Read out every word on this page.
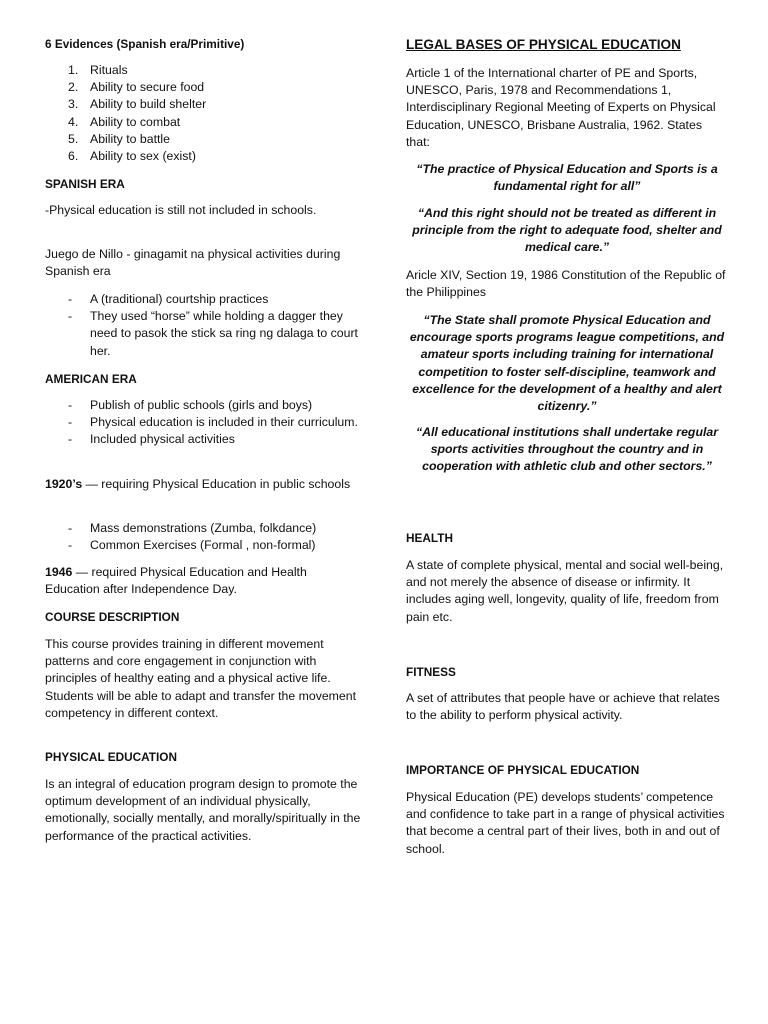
6 Evidences (Spanish era/Primitive)
1. Rituals
2. Ability to secure food
3. Ability to build shelter
4. Ability to combat
5. Ability to battle
6. Ability to sex (exist)
SPANISH ERA
-Physical education is still not included in schools.
Juego de Nillo - ginagamit na physical activities during Spanish era
- A (traditional) courtship practices
- They used “horse” while holding a dagger they need to pasok the stick sa ring ng dalaga to court her.
AMERICAN ERA
- Publish of public schools (girls and boys)
- Physical education is included in their curriculum.
- Included physical activities
1920’s — requiring Physical Education in public schools
- Mass demonstrations (Zumba, folkdance)
- Common Exercises (Formal , non-formal)
1946 — required Physical Education and Health Education after Independence Day.
COURSE DESCRIPTION
This course provides training in different movement patterns and core engagement in conjunction with principles of healthy eating and a physical active life. Students will be able to adapt and transfer the movement competency in different context.
PHYSICAL EDUCATION
Is an integral of education program design to promote the optimum development of an individual physically, emotionally, socially mentally, and morally/spiritually in the performance of the practical activities.
LEGAL BASES OF PHYSICAL EDUCATION
Article 1 of the International charter of PE and Sports, UNESCO, Paris, 1978 and Recommendations 1, Interdisciplinary Regional Meeting of Experts on Physical Education, UNESCO, Brisbane Australia, 1962. States that:
“The practice of Physical Education and Sports is a fundamental right for all”
“And this right should not be treated as different in principle from the right to adequate food, shelter and medical care.”
Aricle XIV, Section 19, 1986 Constitution of the Republic of the Philippines
“The State shall promote Physical Education and encourage sports programs league competitions, and amateur sports including training for international competition to foster self-discipline, teamwork and excellence for the development of a healthy and alert citizenry.”
“All educational institutions shall undertake regular sports activities throughout the country and in cooperation with athletic club and other sectors.”
HEALTH
A state of complete physical, mental and social well-being, and not merely the absence of disease or infirmity. It includes aging well, longevity, quality of life, freedom from pain etc.
FITNESS
A set of attributes that people have or achieve that relates to the ability to perform physical activity.
IMPORTANCE OF PHYSICAL EDUCATION
Physical Education (PE) develops students’ competence and confidence to take part in a range of physical activities that become a central part of their lives, both in and out of school.
